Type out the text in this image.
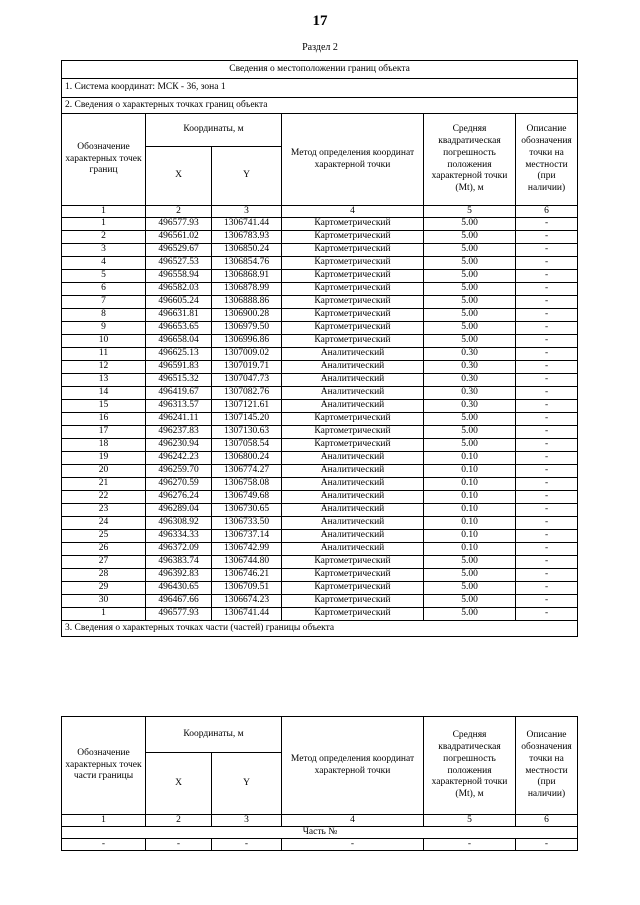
17
Раздел 2
Сведения о местоположении границ объекта					
1. Система координат: МСК - 36, зона 1					
2. Сведения о характерных точках границ объекта					
Обозначение характерных точек границ	Координаты, м		Метод определения координат характерной точки	Средняя квадратическая погрешность положения характерной точки (Mt), м	Описание обозначения точки на местности (при наличии)
	X	Y			
1	2	3	4	5	6
1	496577.93	1306741.44	Картометрический	5.00	-
2	496561.02	1306783.93	Картометрический	5.00	-
3	496529.67	1306850.24	Картометрический	5.00	-
4	496527.53	1306854.76	Картометрический	5.00	-
5	496558.94	1306868.91	Картометрический	5.00	-
6	496582.03	1306878.99	Картометрический	5.00	-
7	496605.24	1306888.86	Картометрический	5.00	-
8	496631.81	1306900.28	Картометрический	5.00	-
9	496653.65	1306979.50	Картометрический	5.00	-
10	496658.04	1306996.86	Картометрический	5.00	-
11	496625.13	1307009.02	Аналитический	0.30	-
12	496591.83	1307019.71	Аналитический	0.30	-
13	496515.32	1307047.73	Аналитический	0.30	-
14	496419.67	1307082.76	Аналитический	0.30	-
15	496313.57	1307121.61	Аналитический	0.30	-
16	496241.11	1307145.20	Картометрический	5.00	-
17	496237.83	1307130.63	Картометрический	5.00	-
18	496230.94	1307058.54	Картометрический	5.00	-
19	496242.23	1306800.24	Аналитический	0.10	-
20	496259.70	1306774.27	Аналитический	0.10	-
21	496270.59	1306758.08	Аналитический	0.10	-
22	496276.24	1306749.68	Аналитический	0.10	-
23	496289.04	1306730.65	Аналитический	0.10	-
24	496308.92	1306733.50	Аналитический	0.10	-
25	496334.33	1306737.14	Аналитический	0.10	-
26	496372.09	1306742.99	Аналитический	0.10	-
27	496383.74	1306744.80	Картометрический	5.00	-
28	496392.83	1306746.21	Картометрический	5.00	-
29	496430.65	1306709.51	Картометрический	5.00	-
30	496467.66	1306674.23	Картометрический	5.00	-
1	496577.93	1306741.44	Картометрический	5.00	-
3. Сведения о характерных точках части (частей) границы объекта					
Обозначение характерных точек части границы	Координаты, м		Метод определения координат характерной точки	Средняя квадратическая погрешность положения характерной точки (Mt), м	Описание обозначения точки на местности (при наличии)
	X	Y			
1	2	3	4	5	6
Часть №					
-	-	-	-	-	-
